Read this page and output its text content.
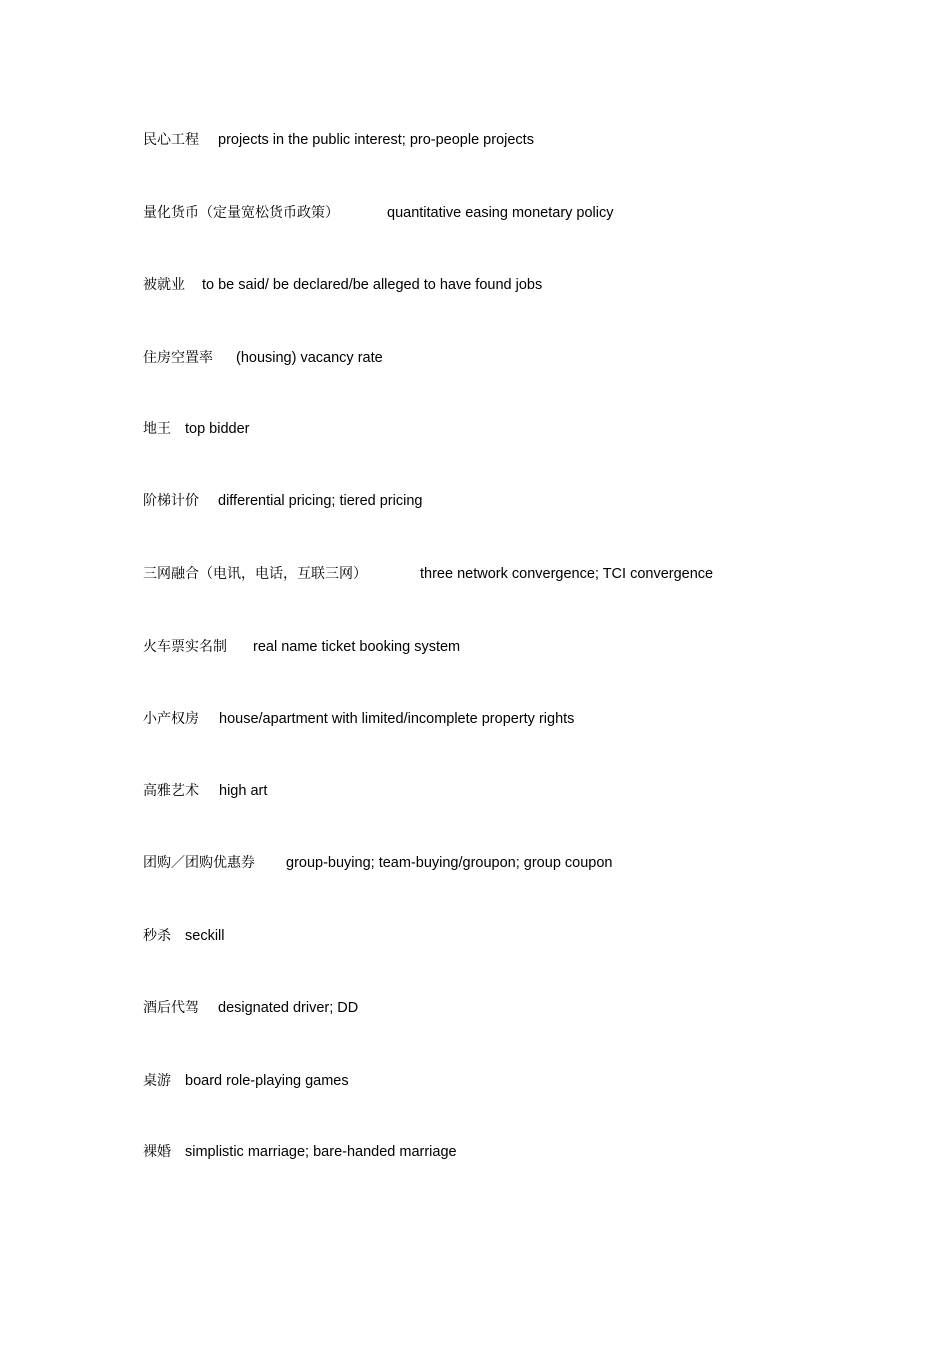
民心工程 projects in the public interest; pro-people projects
量化货币（定量宽松货币政策）	quantitative easing monetary policy
被就业 to be said/ be declared/be alleged to have found jobs
住房空置率 (housing) vacancy rate
地王 top bidder
阶梯计价 differential pricing; tiered pricing
三网融合（电讯，电话，互联三网）	three network convergence; TCI convergence
火车票实名制 real name ticket booking system
小产权房 house/apartment with limited/incomplete property rights
高雅艺术 high art
团购／团购优惠券 group-buying; team-buying/groupon; group coupon
秒杀 seckill
酒后代驾 designated driver; DD
桌游 board role-playing games
裸婚 simplistic marriage; bare-handed marriage
